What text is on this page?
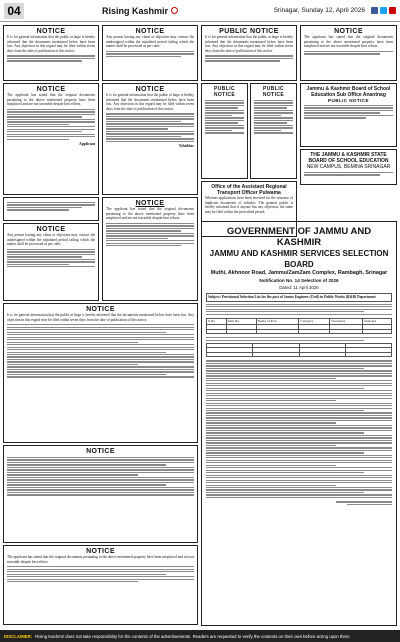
04	Rising Kashmir	Srinagar, Sunday 12, April 2026
NOTICE
It is for general information that the public at large is hereby informed that the documents mentioned below have been lost. Any objection in this regard may be filed within seven days from the date of publication of this notice.
NOTICE
The applicant has stated that the original documents pertaining to the above mentioned property have been misplaced and are not traceable despite best efforts.
Applicant
NOTICE
Any person having any claim or objection may contact the undersigned within the stipulated period failing which the matter shall be processed as per rules.
NOTICE
Any person having any claim or objection may contact the undersigned within the stipulated period failing which the matter shall be processed as per rules.
NOTICE
It is for general information that the public at large is hereby informed that the documents mentioned below have been lost. Any objection in this regard may be filed within seven days from the date of publication of this notice.
Tehsildar
NOTICE
The applicant has stated that the original documents pertaining to the above mentioned property have been misplaced and are not traceable despite best efforts.
NOTICE
It is for general information that the public at large is hereby informed that the documents mentioned below have been lost. Any objection in this regard may be filed within seven days from the date of publication of this notice.
NOTICE
NOTICE
The applicant has stated that the original documents pertaining to the above mentioned property have been misplaced and are not traceable despite best efforts.
PUBLIC NOTICE
It is for general information that the public at large is hereby informed that the documents mentioned below have been lost. Any objection in this regard may be filed within seven days from the date of publication of this notice.
PUBLIC NOTICE
PUBLIC NOTICE
Office of the Assistant Regional Transport Officer Pulwama
Whereas applications have been received for the issuance of duplicate documents of vehicles. The general public is hereby informed that if anyone has any objection, the same may be filed within the prescribed period.
NOTICE
The applicant has stated that the original documents pertaining to the above mentioned property have been misplaced and are not traceable despite best efforts.
Jammu & Kashmir Board of School Education Sub Office Anantnag
PUBLIC NOTICE
THE JAMMU & KASHMIR STATE BOARD OF SCHOOL EDUCATION
NEW CAMPUS, BEMINA SRINAGAR
GOVERNMENT OF JAMMU AND KASHMIR
JAMMU AND KASHMIR SERVICES SELECTION BOARD
Muthi, Akhnoor Road, Jammu/ZamZam Complex, Rambagh, Srinagar
Notification No. 14 Selection of 2026
Dated: 11 April 2026
Subject: Provisional Selection List for the post of Junior Engineer (Civil) in Public Works (R&B) Department
S.No	Item No.	Name of Post	Category	Vacancies	Selected

DISCLAIMER: Rising Kashmir does not take responsibility for the contents of the advertisements. Readers are requested to verify the contents on their own before acting upon them.
